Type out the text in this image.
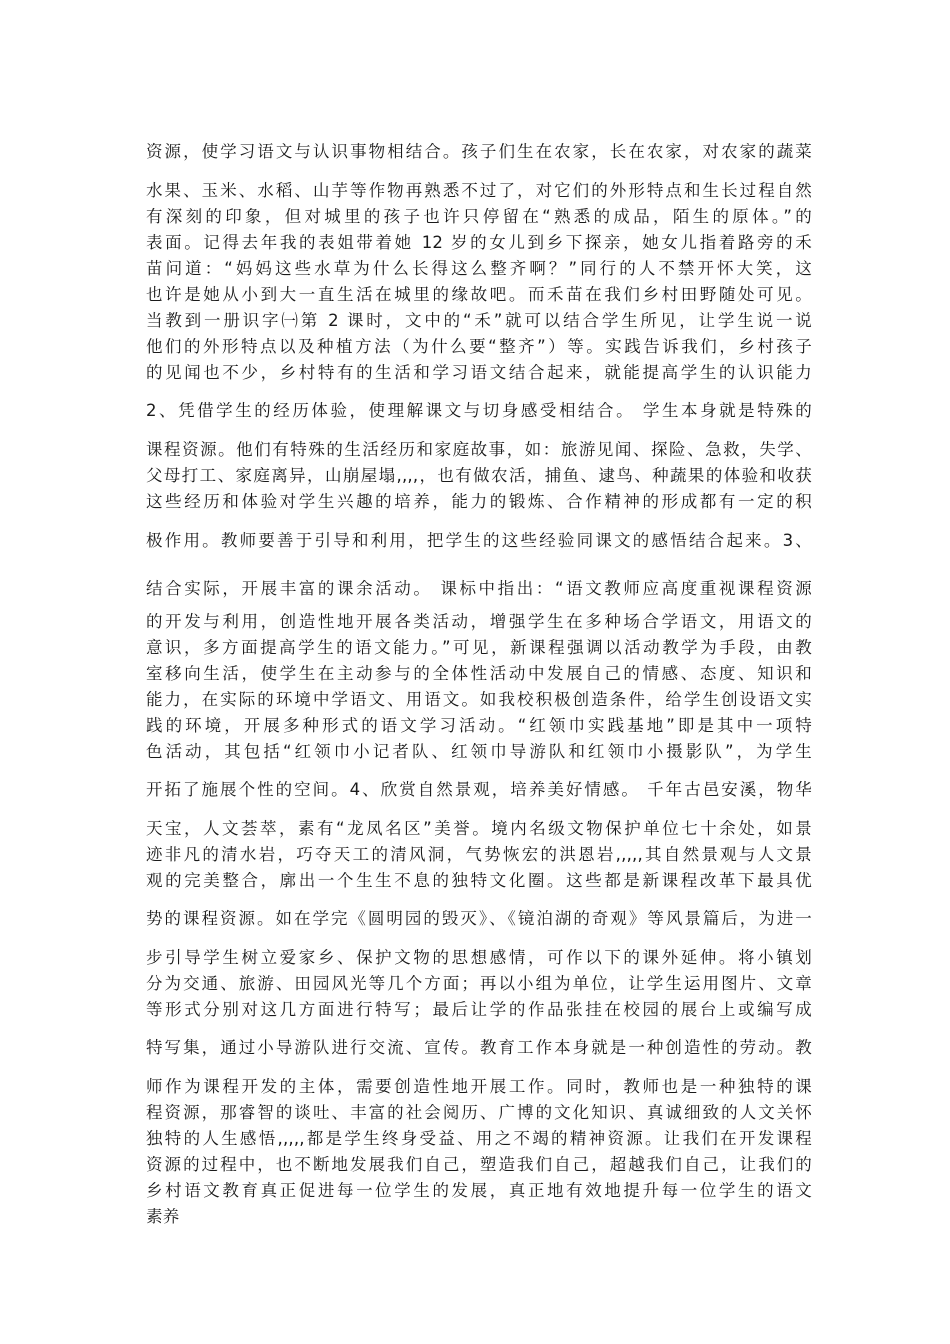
资源，使学习语文与认识事物相结合。孩子们生在农家，长在农家，对农家的蔬菜
水果、玉米、水稻、山芋等作物再熟悉不过了，对它们的外形特点和生长过程自然
有深刻的印象，但对城里的孩子也许只停留在“熟悉的成品，陌生的原体。”的
表面。记得去年我的表姐带着她 12 岁的女儿到乡下探亲，她女儿指着路旁的禾
苗问道：“妈妈这些水草为什么长得这么整齐啊？”同行的人不禁开怀大笑，这
也许是她从小到大一直生活在城里的缘故吧。而禾苗在我们乡村田野随处可见。
当教到一册识字㈠第 2 课时，文中的“禾”就可以结合学生所见，让学生说一说
他们的外形特点以及种植方法（为什么要“整齐”）等。实践告诉我们，乡村孩子
的见闻也不少，乡村特有的生活和学习语文结合起来，就能提高学生的认识能力
2、凭借学生的经历体验，使理解课文与切身感受相结合。 学生本身就是特殊的
课程资源。他们有特殊的生活经历和家庭故事，如：旅游见闻、探险、急救，失学、
父母打工、家庭离异，山崩屋塌,,,,，也有做农活，捕鱼、逮鸟、种蔬果的体验和收获
这些经历和体验对学生兴趣的培养，能力的锻炼、合作精神的形成都有一定的积
极作用。教师要善于引导和利用，把学生的这些经验同课文的感悟结合起来。3、
结合实际，开展丰富的课余活动。 课标中指出：“语文教师应高度重视课程资源
的开发与利用，创造性地开展各类活动，增强学生在多种场合学语文，用语文的
意识，多方面提高学生的语文能力。”可见，新课程强调以活动教学为手段，由教
室移向生活，使学生在主动参与的全体性活动中发展自己的情感、态度、知识和
能力，在实际的环境中学语文、用语文。如我校积极创造条件，给学生创设语文实
践的环境，开展多种形式的语文学习活动。“红领巾实践基地”即是其中一项特
色活动，其包括“红领巾小记者队、红领巾导游队和红领巾小摄影队”，为学生
开拓了施展个性的空间。4、欣赏自然景观，培养美好情感。 千年古邑安溪，物华
天宝，人文荟萃，素有“龙凤名区”美誉。境内名级文物保护单位七十余处，如景
迹非凡的清水岩，巧夺天工的清风洞，气势恢宏的洪恩岩,,,,,其自然景观与人文景
观的完美整合，廓出一个生生不息的独特文化圈。这些都是新课程改革下最具优
势的课程资源。如在学完《圆明园的毁灭》、《镜泊湖的奇观》等风景篇后，为进一
步引导学生树立爱家乡、保护文物的思想感情，可作以下的课外延伸。将小镇划
分为交通、旅游、田园风光等几个方面；再以小组为单位，让学生运用图片、文章
等形式分别对这几方面进行特写；最后让学的作品张挂在校园的展台上或编写成
特写集，通过小导游队进行交流、宣传。教育工作本身就是一种创造性的劳动。教
师作为课程开发的主体，需要创造性地开展工作。同时，教师也是一种独特的课
程资源，那睿智的谈吐、丰富的社会阅历、广博的文化知识、真诚细致的人文关怀
独特的人生感悟,,,,,都是学生终身受益、用之不竭的精神资源。让我们在开发课程
资源的过程中，也不断地发展我们自己，塑造我们自己，超越我们自己，让我们的
乡村语文教育真正促进每一位学生的发展，真正地有效地提升每一位学生的语文
素养
